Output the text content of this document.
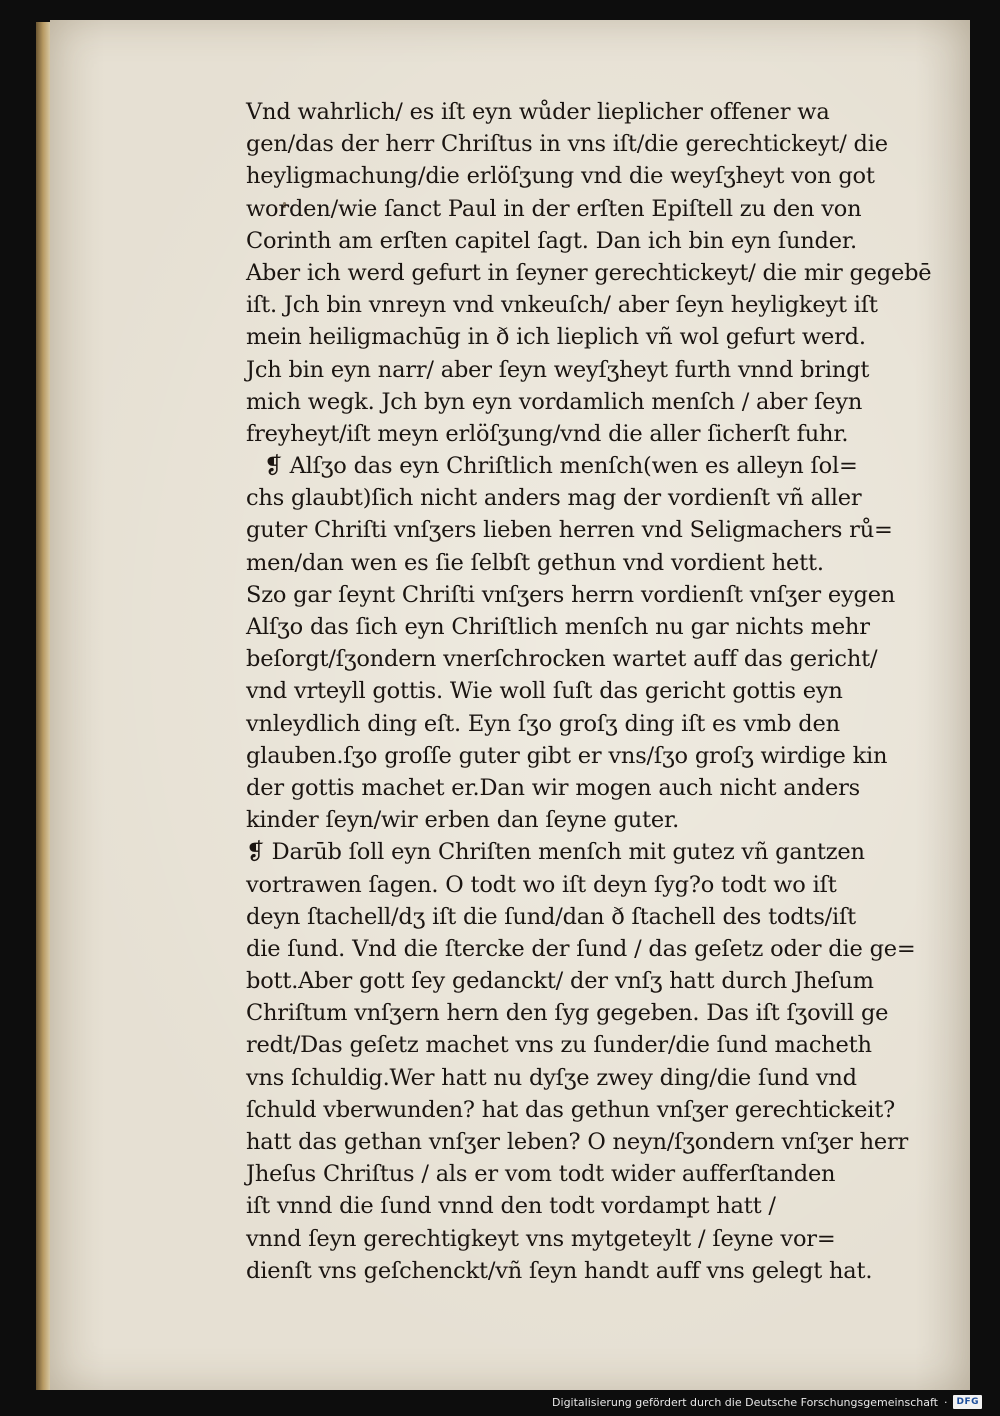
Vnd wahrlich/ es iſt eyn wůder lieplicher offener wa
gen/das der herr Chriſtus in vns iſt/die gerechtickeyt/ die
heyligmachung/die erlöſʒung vnd die weyſʒheyt von got
worden/wie ſanct Paul in der erſten Epiſtell zu den von
Corinth am erſten capitel ſagt. Dan ich bin eyn ſunder.
Aber ich werd gefurt in ſeyner gerechtickeyt/ die mir gegebē
iſt. Jch bin vnreyn vnd vnkeuſch/ aber ſeyn heyligkeyt iſt
mein heiligmachūg in ð ich lieplich vñ wol gefurt werd.
Jch bin eyn narr/ aber ſeyn weyſʒheyt furth vnnd bringt
mich wegk. Jch byn eyn vordamlich menſch / aber ſeyn
freyheyt/iſt meyn erlöſʒung/vnd die aller ſicherſt fuhr.
❡ Alſʒo das eyn Chriſtlich menſch(wen es alleyn ſol=
chs glaubt)ſich nicht anders mag der vordienſt vñ aller
guter Chriſti vnſʒers lieben herren vnd Seligmachers rů=
men/dan wen es ſie ſelbſt gethun vnd vordient hett.
Szo gar ſeynt Chriſti vnſʒers herrn vordienſt vnſʒer eygen
Alſʒo das ſich eyn Chriſtlich menſch nu gar nichts mehr
beſorgt/ſʒondern vnerſchrocken wartet auff das gericht/
vnd vrteyll gottis. Wie woll ſuſt das gericht gottis eyn
vnleydlich ding eſt. Eyn ſʒo groſʒ ding iſt es vmb den
glauben.ſʒo groſſe guter gibt er vns/ſʒo groſʒ wirdige kin
der gottis machet er.Dan wir mogen auch nicht anders
kinder ſeyn/wir erben dan ſeyne guter.
❡ Darūb ſoll eyn Chriſten menſch mit gutez vñ gantzen
vortrawen ſagen. O todt wo iſt deyn ſyg?o todt wo iſt
deyn ſtachell/dʒ iſt die ſund/dan ð ſtachell des todts/iſt
die ſund. Vnd die ſtercke der ſund / das geſetz oder die ge=
bott.Aber gott ſey gedanckt/ der vnſʒ hatt durch Jheſum
Chriſtum vnſʒern hern den ſyg gegeben. Das iſt ſʒovill ge
redt/Das geſetz machet vns zu ſunder/die ſund macheth
vns ſchuldig.Wer hatt nu dyſʒe zwey ding/die ſund vnd
ſchuld vberwunden? hat das gethun vnſʒer gerechtickeit?
hatt das gethan vnſʒer leben? O neyn/ſʒondern vnſʒer herr
Jheſus Chriſtus / als er vom todt wider aufferſtanden
iſt vnnd die ſund vnnd den todt vordampt hatt /
vnnd ſeyn gerechtigkeyt vns mytgeteylt / ſeyne vor=
dienſt vns geſchenckt/vñ ſeyn handt auff vns gelegt hat.
Digitalisierung gefördert durch die Deutsche Forschungsgemeinschaft ·	DFG
